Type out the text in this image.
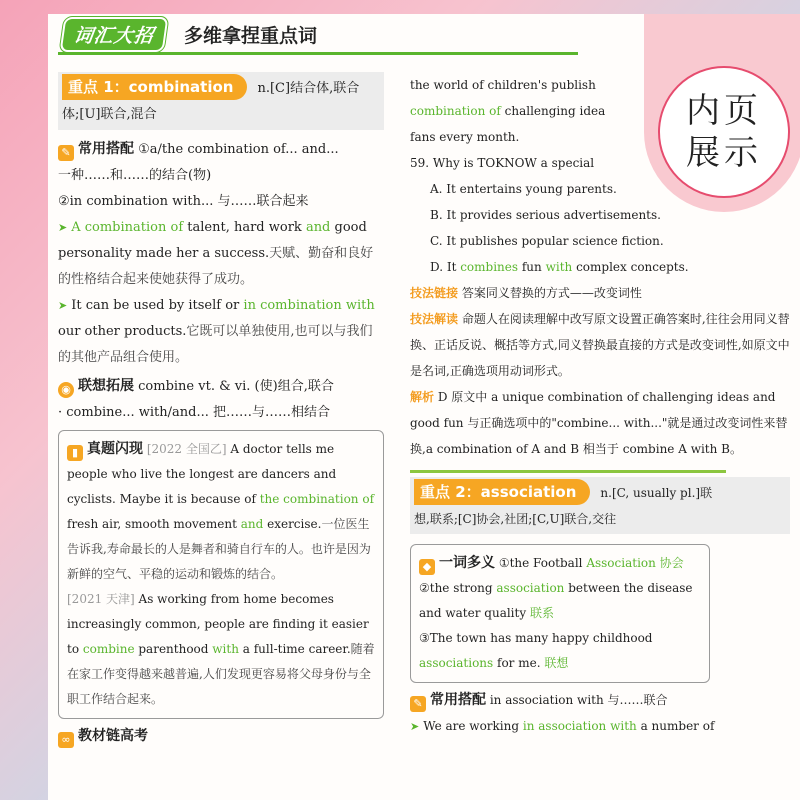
词汇大招	多维拿捏重点词
重点 1：combination n.[C]结合体,联合
体;[U]联合,混合
✎ 常用搭配 ①a/the combination of... and...
一种……和……的结合(物)
②in combination with... 与……联合起来
➤ A combination of talent, hard work and good personality made her a success.天赋、勤奋和良好的性格结合起来使她获得了成功。
➤ It can be used by itself or in combination with our other products.它既可以单独使用,也可以与我们的其他产品组合使用。
◉ 联想拓展 combine vt. & vi. (使)组合,联合
· combine... with/and... 把……与……相结合
▮ 真题闪现 [2022 全国乙] A doctor tells me people who live the longest are dancers and cyclists. Maybe it is because of the combination of fresh air, smooth movement and exercise.一位医生告诉我,寿命最长的人是舞者和骑自行车的人。也许是因为新鲜的空气、平稳的运动和锻炼的结合。
[2021 天津] As working from home becomes increasingly common, people are finding it easier to combine parenthood with a full-time career.随着在家工作变得越来越普遍,人们发现更容易将父母身份与全职工作结合起来。
∞ 教材链高考
the world of children's publish
combination of challenging idea
fans every month.
59. Why is TOKNOW a special
A. It entertains young parents.
B. It provides serious advertisements.
C. It publishes popular science fiction.
D. It combines fun with complex concepts.
技法链接 答案同义替换的方式——改变词性
技法解读 命题人在阅读理解中改写原文设置正确答案时,往往会用同义替换、正话反说、概括等方式,同义替换最直接的方式是改变词性,如原文中是名词,正确选项用动词形式。
解析 D 原文中 a unique combination of challenging ideas and good fun 与正确选项中的"combine... with..."就是通过改变词性来替换,a combination of A and B 相当于 combine A with B。
重点 2：association n.[C, usually pl.]联
想,联系;[C]协会,社团;[C,U]联合,交往
◆ 一词多义 ①the Football Association 协会
②the strong association between the disease and water quality 联系
③The town has many happy childhood associations for me. 联想
✎ 常用搭配 in association with 与……联合
➤ We are working in association with a number of
内页
展示
